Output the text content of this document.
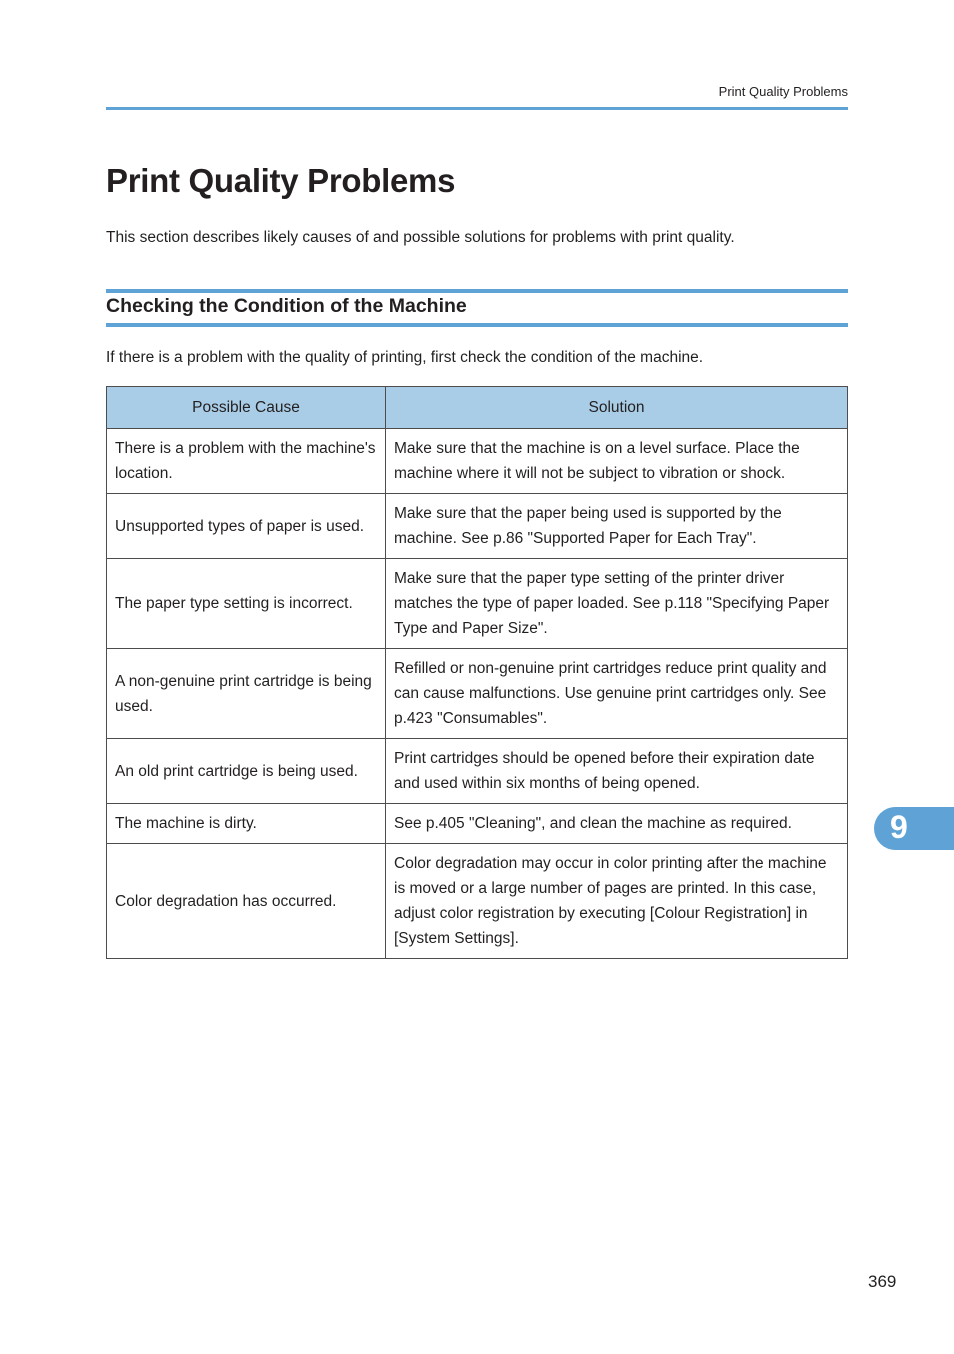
Print Quality Problems
Print Quality Problems

This section describes likely causes of and possible solutions for problems with print quality.

Checking the Condition of the Machine

If there is a problem with the quality of printing, first check the condition of the machine.

Possible Cause	Solution
There is a problem with the machine's location.	Make sure that the machine is on a level surface. Place the machine where it will not be subject to vibration or shock.
Unsupported types of paper is used.	Make sure that the paper being used is supported by the machine. See p.86 "Supported Paper for Each Tray".
The paper type setting is incorrect.	Make sure that the paper type setting of the printer driver matches the type of paper loaded. See p.118 "Specifying Paper Type and Paper Size".
A non-genuine print cartridge is being used.	Refilled or non-genuine print cartridges reduce print quality and can cause malfunctions. Use genuine print cartridges only. See p.423 "Consumables".
An old print cartridge is being used.	Print cartridges should be opened before their expiration date and used within six months of being opened.
The machine is dirty.	See p.405 "Cleaning", and clean the machine as required.
Color degradation has occurred.	Color degradation may occur in color printing after the machine is moved or a large number of pages are printed. In this case, adjust color registration by executing [Colour Registration] in [System Settings].
9
369
